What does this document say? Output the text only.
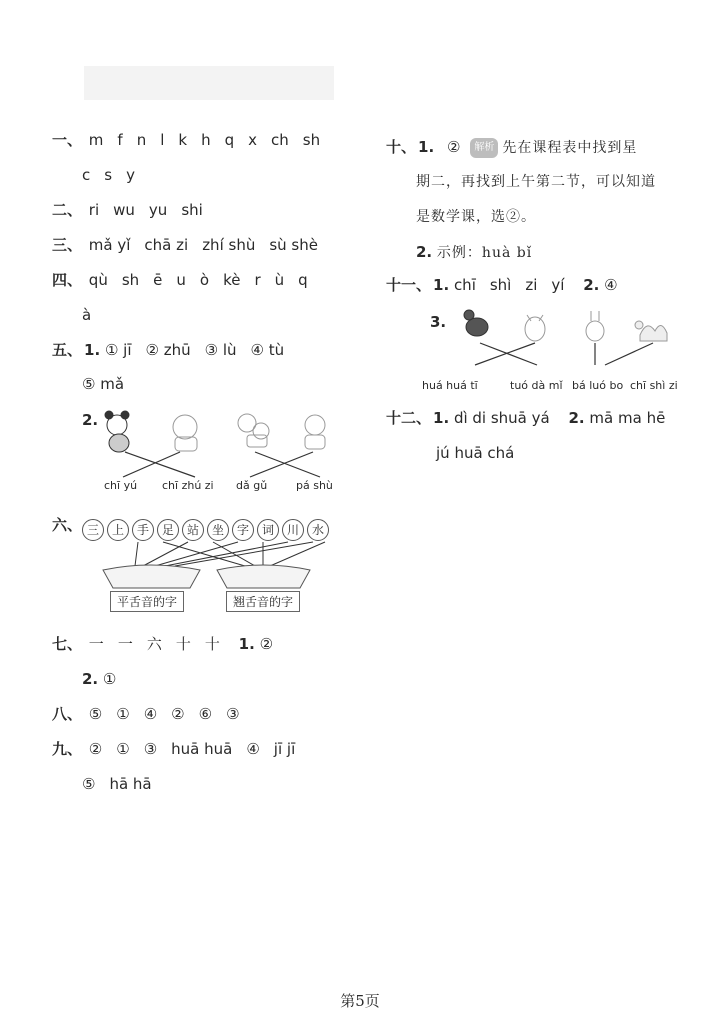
一、 m f n l k h q x ch sh
c s y
二、 ri wu yu shi
三、 mǎ yǐ chā zi zhí shù sù shè
四、 qù sh ē u ò kè r ù q
à
五、 1. ① jī ② zhū ③ lù ④ tù
⑤ mǎ
2.
chī yú chī zhú zi dǎ gǔ	pá shù
六、 三	上	手	足	站	坐	字	词	川	水
平舌音的字	翘舌音的字
七、 一 一 六 十 十 1. ②
2. ①
八、 ⑤ ① ④ ② ⑥ ③
九、 ② ① ③ huā huā ④ jī jī
⑤ hā hā
十、 1. ② 解析 先在课程表中找到星
期二，再找到上午第二节，可以知道
是数学课，选②。
2. 示例：huà bǐ
十一、 1. chī shì zi yí 2. ④
3.
huá huá tī	tuó dà mǐ bá luó bo chī shì zi
十二、 1. dì di shuā yá 2. mā ma hē
jú huā chá
第5页
